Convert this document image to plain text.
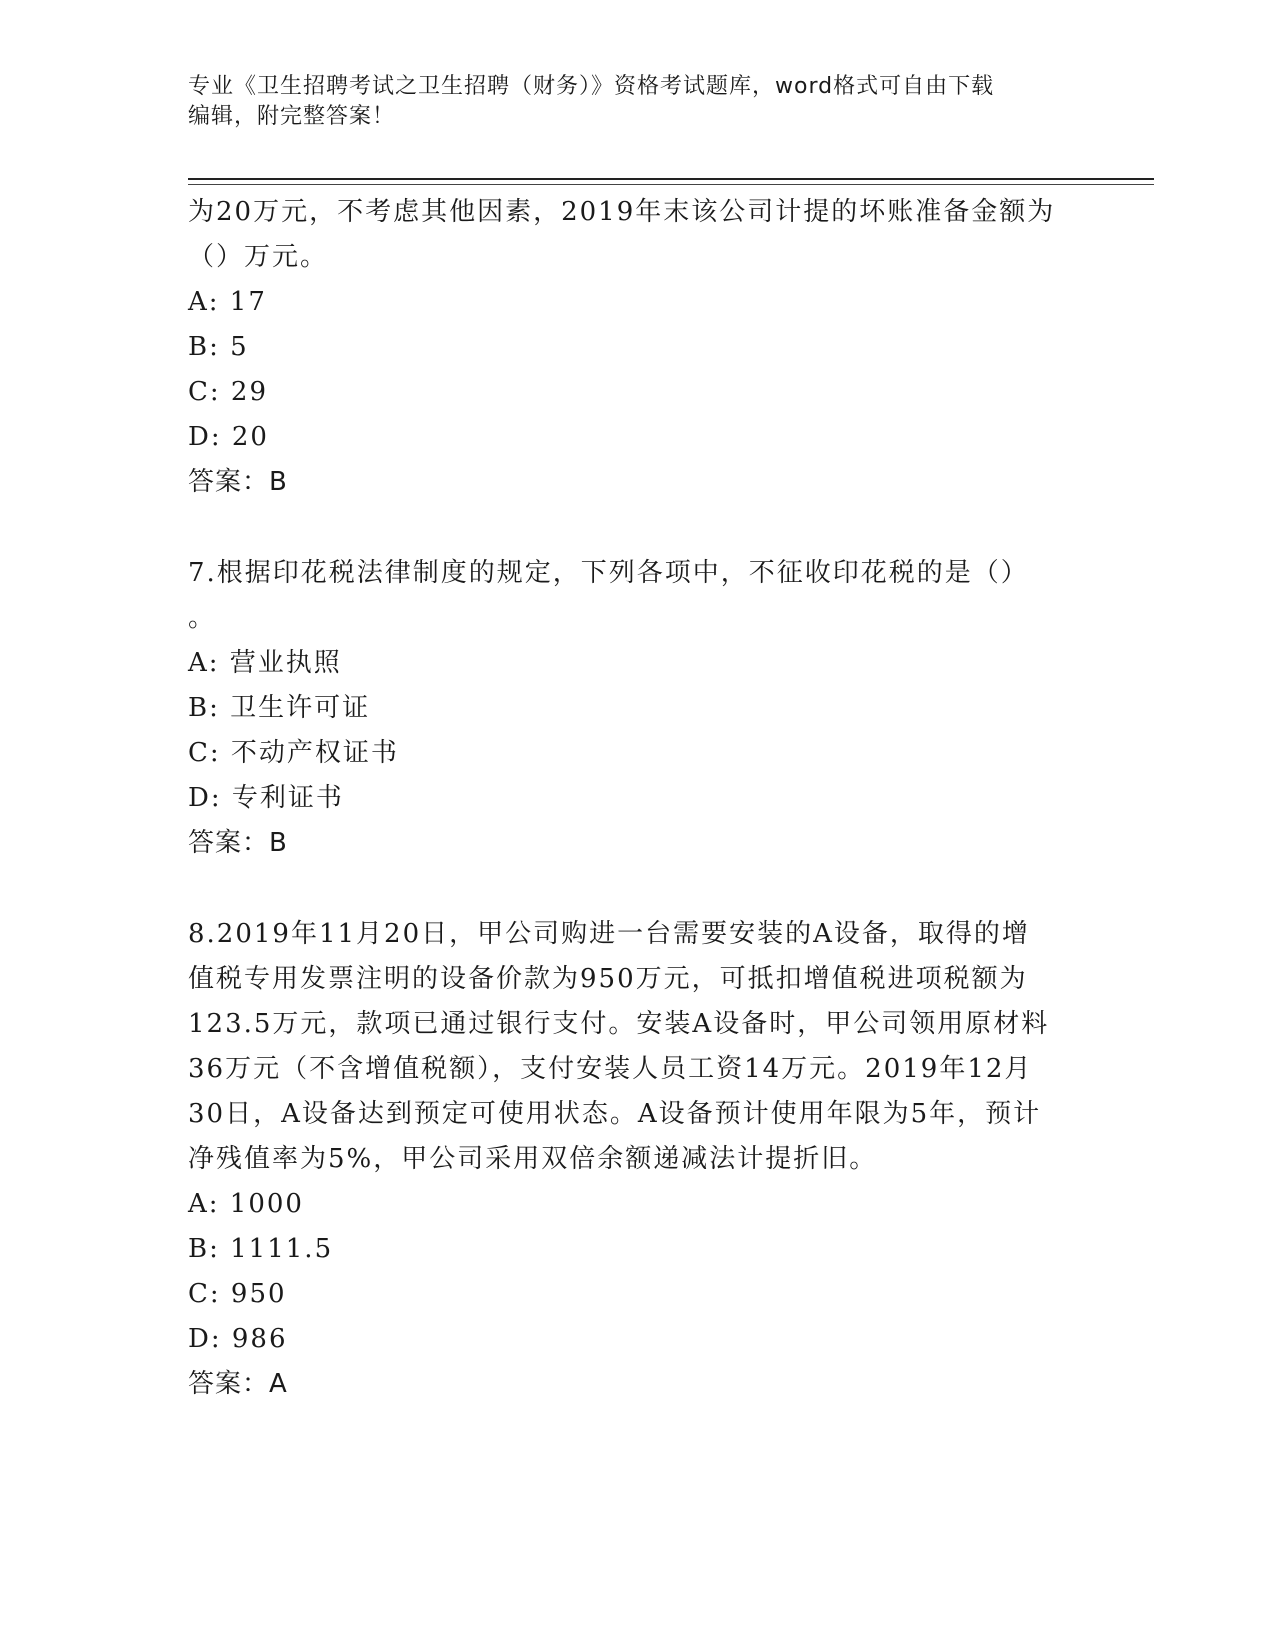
专业《卫生招聘考试之卫生招聘（财务）》资格考试题库，word格式可自由下载
编辑，附完整答案！
为20万元，不考虑其他因素，2019年末该公司计提的坏账准备金额为
（）万元。
A: 17
B: 5
C: 29
D: 20
答案：B
7.根据印花税法律制度的规定，下列各项中，不征收印花税的是（）
。
A: 营业执照
B: 卫生许可证
C: 不动产权证书
D: 专利证书
答案：B
8.2019年11月20日，甲公司购进一台需要安装的A设备，取得的增
值税专用发票注明的设备价款为950万元，可抵扣增值税进项税额为
123.5万元，款项已通过银行支付。安装A设备时，甲公司领用原材料
36万元（不含增值税额），支付安装人员工资14万元。2019年12月
30日，A设备达到预定可使用状态。A设备预计使用年限为5年，预计
净残值率为5%，甲公司采用双倍余额递减法计提折旧。
A: 1000
B: 1111.5
C: 950
D: 986
答案：A
